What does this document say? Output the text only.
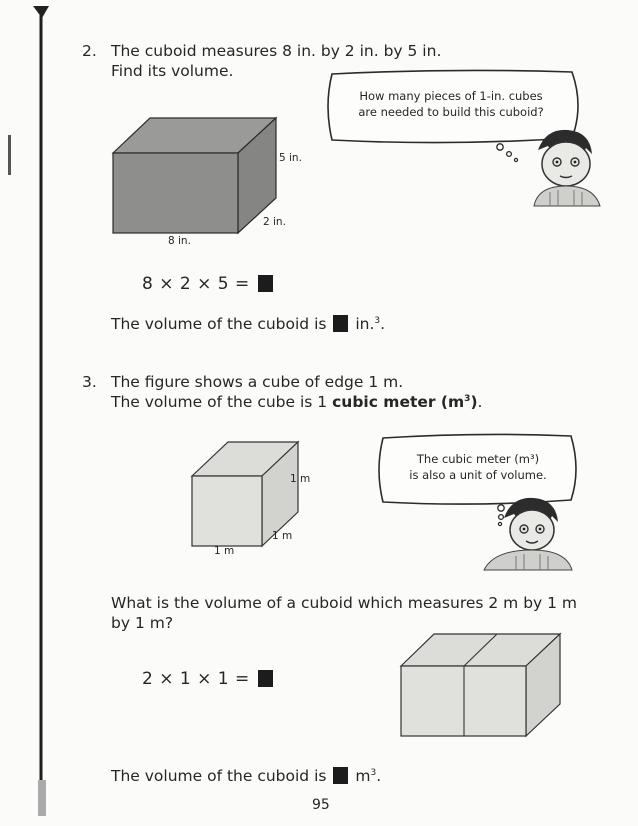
2. The cuboid measures 8 in. by 2 in. by 5 in.
Find its volume.
How many pieces of 1-in. cubes
are needed to build this cuboid?
5 in.
2 in.
8 in.
8 × 2 × 5 =
The volume of the cuboid is in.$^3$.
3. The figure shows a cube of edge 1 m.
The volume of the cube is 1 cubic meter $(m^3)$.
The cubic meter (m³)
is also a unit of volume.
1 m
1 m
1 m
What is the volume of a cuboid which measures 2 m by 1 m
by 1 m?
2 × 1 × 1 =
The volume of the cuboid is $m^3$.
95
